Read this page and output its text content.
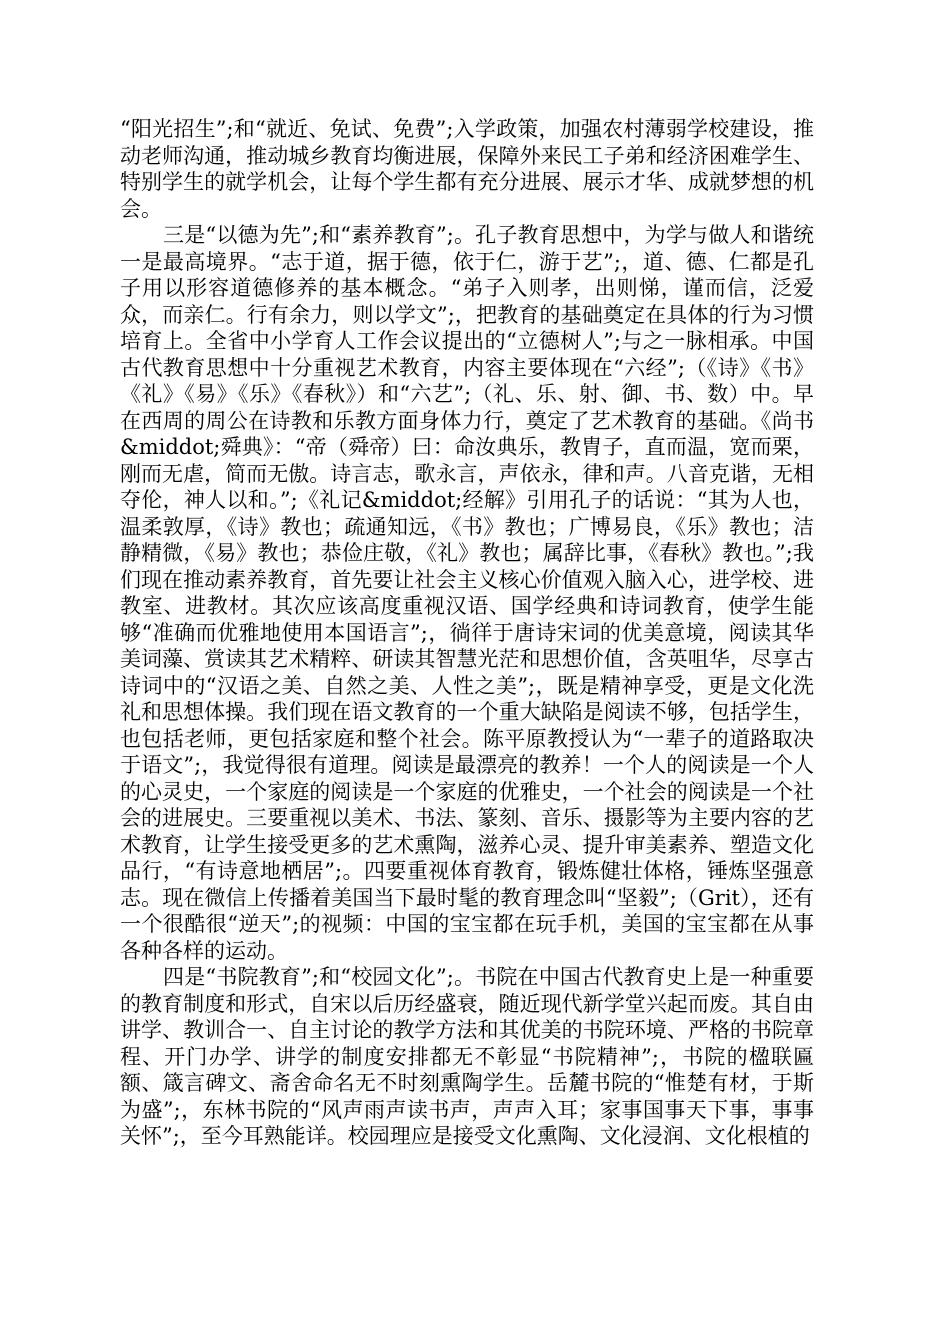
“阳光招生”;和“就近、免试、免费”;入学政策，加强农村薄弱学校建设，推动老师沟通，推动城乡教育均衡进展，保障外来民工子弟和经济困难学生、特别学生的就学机会，让每个学生都有充分进展、展示才华、成就梦想的机会。

三是“以德为先”;和“素养教育”;。孔子教育思想中，为学与做人和谐统一是最高境界。“志于道，据于德，依于仁，游于艺”;，道、德、仁都是孔子用以形容道德修养的基本概念。“弟子入则孝，出则悌，谨而信，泛爱众，而亲仁。行有余力，则以学文”;，把教育的基础奠定在具体的行为习惯培育上。全省中小学育人工作会议提出的“立德树人”;与之一脉相承。中国古代教育思想中十分重视艺术教育，内容主要体现在“六经”;（《诗》《书》《礼》《易》《乐》《春秋》）和“六艺”;（礼、乐、射、御、书、数）中。早在西周的周公在诗教和乐教方面身体力行，奠定了艺术教育的基础。《尚书&middot;舜典》：“帝（舜帝）曰：命汝典乐，教胄子，直而温，宽而栗，刚而无虐，简而无傲。诗言志，歌永言，声依永，律和声。八音克谐，无相夺伦，神人以和。”;《礼记&middot;经解》引用孔子的话说：“其为人也，温柔敦厚，《诗》教也；疏通知远，《书》教也；广博易良，《乐》教也；洁静精微，《易》教也；恭俭庄敬，《礼》教也；属辞比事，《春秋》教也。”;我们现在推动素养教育，首先要让社会主义核心价值观入脑入心，进学校、进教室、进教材。其次应该高度重视汉语、国学经典和诗词教育，使学生能够“准确而优雅地使用本国语言”;，徜徉于唐诗宋词的优美意境，阅读其华美词藻、赏读其艺术精粹、研读其智慧光茫和思想价值，含英咀华，尽享古诗词中的“汉语之美、自然之美、人性之美”;，既是精神享受，更是文化洗礼和思想体操。我们现在语文教育的一个重大缺陷是阅读不够，包括学生，也包括老师，更包括家庭和整个社会。陈平原教授认为“一辈子的道路取决于语文”;，我觉得很有道理。阅读是最漂亮的教养！一个人的阅读是一个人的心灵史，一个家庭的阅读是一个家庭的优雅史，一个社会的阅读是一个社会的进展史。三要重视以美术、书法、篆刻、音乐、摄影等为主要内容的艺术教育，让学生接受更多的艺术熏陶，滋养心灵、提升审美素养、塑造文化品行，“有诗意地栖居”;。四要重视体育教育，锻炼健壮体格，锤炼坚强意志。现在微信上传播着美国当下最时髦的教育理念叫“坚毅”;（Grit），还有一个很酷很“逆天”;的视频：中国的宝宝都在玩手机，美国的宝宝都在从事各种各样的运动。

四是“书院教育”;和“校园文化”;。书院在中国古代教育史上是一种重要的教育制度和形式，自宋以后历经盛衰，随近现代新学堂兴起而废。其自由讲学、教训合一、自主讨论的教学方法和其优美的书院环境、严格的书院章程、开门办学、讲学的制度安排都无不彰显“书院精神”;，书院的楹联匾额、箴言碑文、斋舍命名无不时刻熏陶学生。岳麓书院的“惟楚有材，于斯为盛”;，东林书院的“风声雨声读书声，声声入耳；家事国事天下事，事事关怀”;，至今耳熟能详。校园理应是接受文化熏陶、文化浸润、文化根植的
